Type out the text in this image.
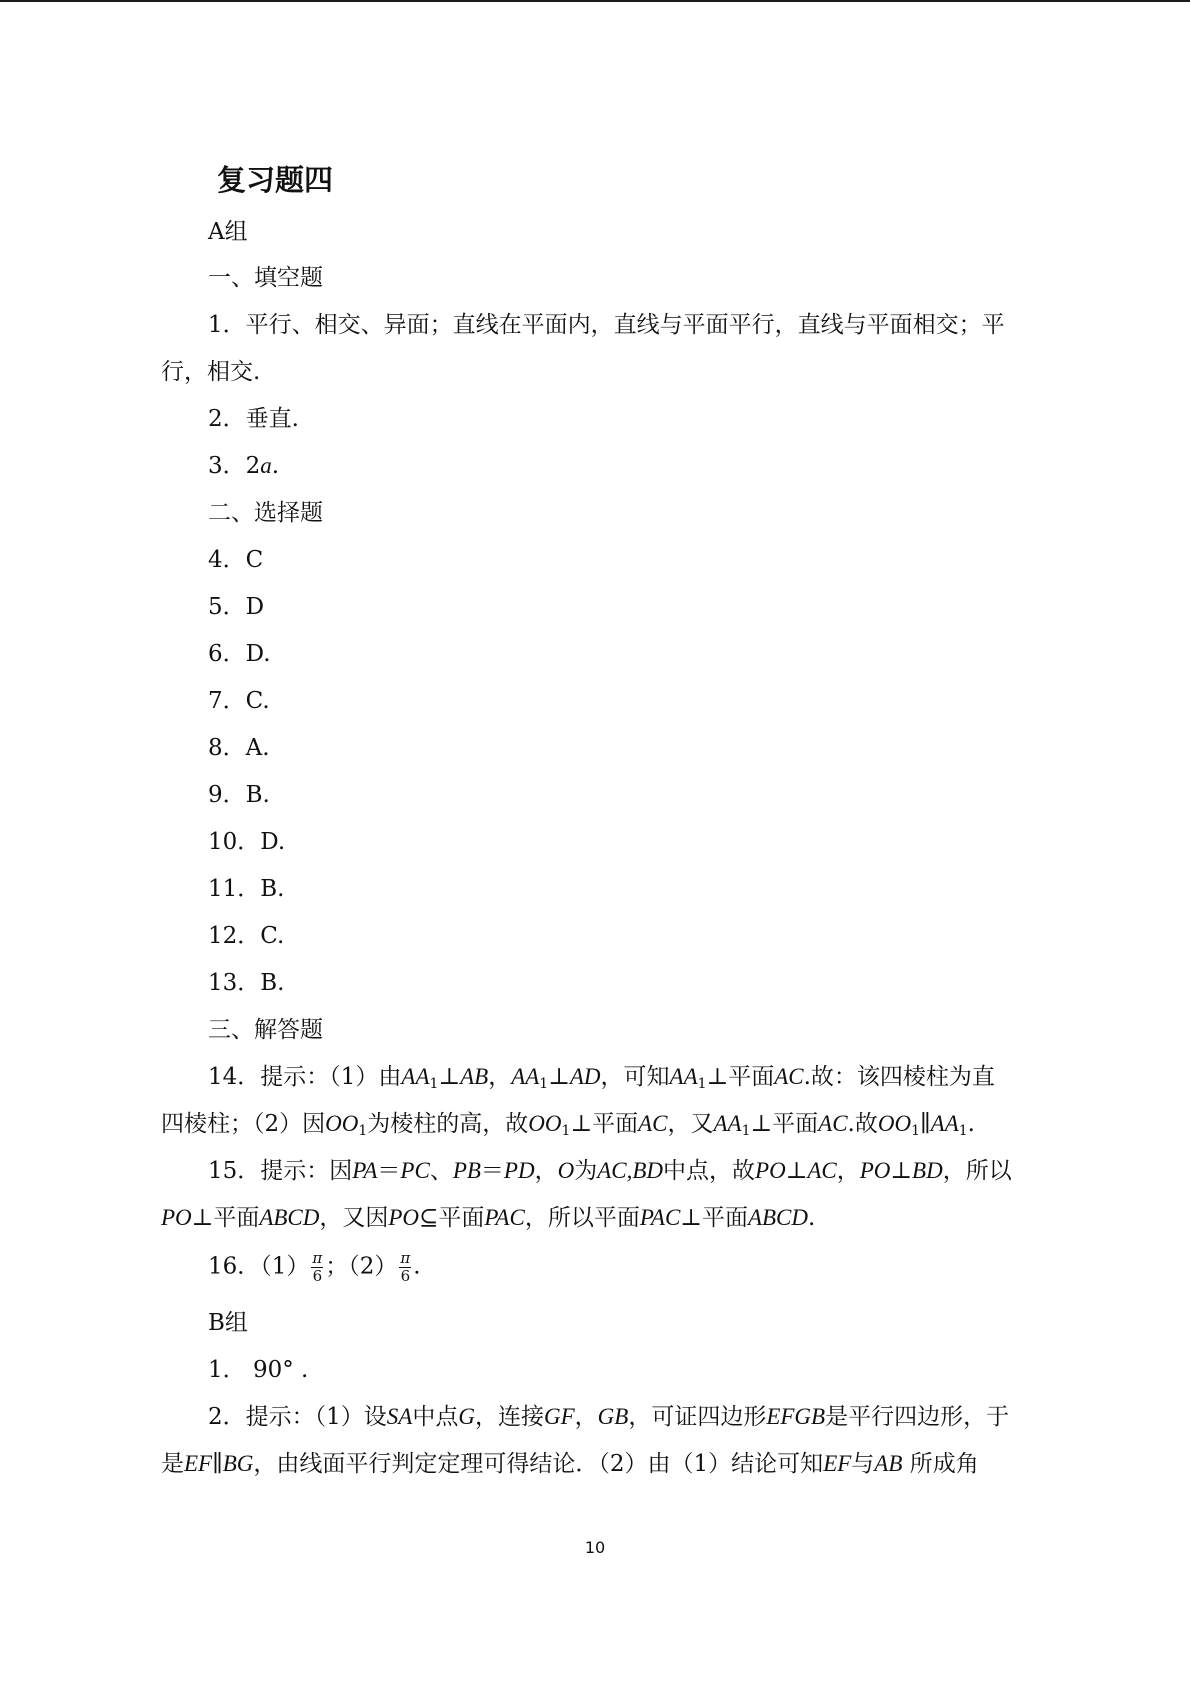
复习题四
A组
一、填空题
1．平行、相交、异面；直线在平面内，直线与平面平行，直线与平面相交；平
行，相交.
2．垂直.
3．2a.
二、选择题
4．C
5．D
6．D.
7．C.
8．A.
9．B.
10．D.
11．B.
12．C.
13．B.
三、解答题
14．提示：（1）由$AA_1\perp AB$，$AA_1\perp AD$，可知$AA_1\perp$平面AC.故：该四棱柱为直
四棱柱；（2）因$OO_1$为棱柱的高，故$OO_1\perp$平面AC，又$AA_1\perp$平面AC.故$OO_1\parallel AA_1$.
15．提示：因PA＝PC、PB＝PD，O为AC,BD中点，故PO⊥AC，PO⊥BD，所以
PO⊥平面ABCD，又因PO⊆平面PAC，所以平面PAC⊥平面ABCD.
16．$(1) \frac{\pi}{6}$ ；$(2) \frac{\pi}{6}$ .
B组
1． 90° .
2．提示：（1）设SA中点G，连接GF，GB，可证四边形EFGB是平行四边形，于
是EF∥BG，由线面平行判定定理可得结论．（2）由（1）结论可知EF与AB 所成角
10
